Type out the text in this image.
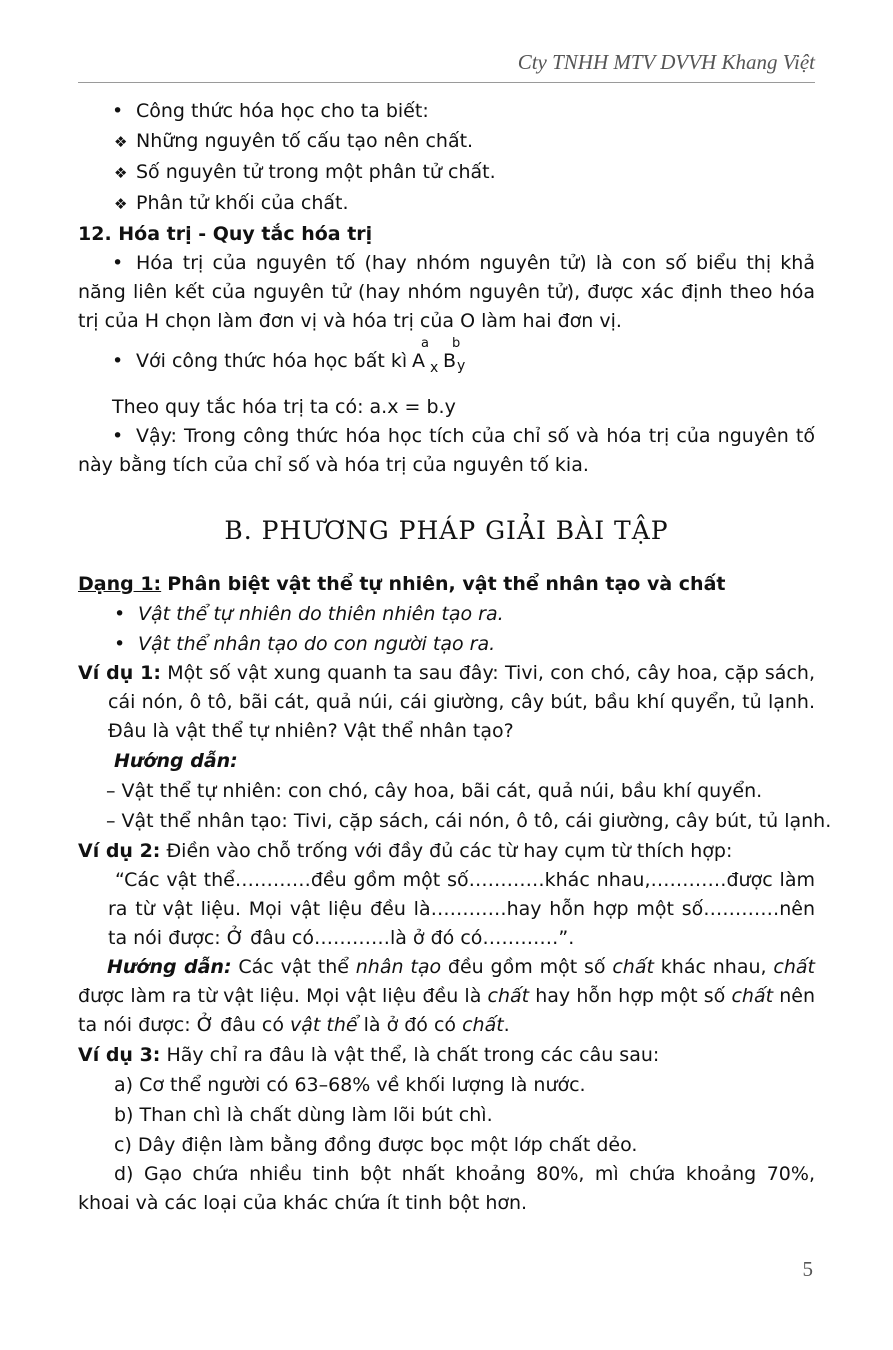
Cty TNHH MTV DVVH Khang Việt
• Công thức hóa học cho ta biết:
❖ Những nguyên tố cấu tạo nên chất.
❖ Số nguyên tử trong một phân tử chất.
❖ Phân tử khối của chất.
12. Hóa trị - Quy tắc hóa trị
• Hóa trị của nguyên tố (hay nhóm nguyên tử) là con số biểu thị khả năng liên kết của nguyên tử (hay nhóm nguyên tử), được xác định theo hóa trị của H chọn làm đơn vị và hóa trị của O làm hai đơn vị.
• Với công thức hóa học bất kì
a
A x
b
B y
Theo quy tắc hóa trị ta có: a.x = b.y
• Vậy: Trong công thức hóa học tích của chỉ số và hóa trị của nguyên tố này bằng tích của chỉ số và hóa trị của nguyên tố kia.
B. PHƯƠNG PHÁP GIẢI BÀI TẬP
Dạng 1: Phân biệt vật thể tự nhiên, vật thể nhân tạo và chất
• Vật thể tự nhiên do thiên nhiên tạo ra.
• Vật thể nhân tạo do con người tạo ra.
Ví dụ 1: Một số vật xung quanh ta sau đây: Tivi, con chó, cây hoa, cặp sách, cái nón, ô tô, bãi cát, quả núi, cái giường, cây bút, bầu khí quyển, tủ lạnh. Đâu là vật thể tự nhiên? Vật thể nhân tạo?
Hướng dẫn:
– Vật thể tự nhiên: con chó, cây hoa, bãi cát, quả núi, bầu khí quyển.
– Vật thể nhân tạo: Tivi, cặp sách, cái nón, ô tô, cái giường, cây bút, tủ lạnh.
Ví dụ 2: Điền vào chỗ trống với đầy đủ các từ hay cụm từ thích hợp:
“Các vật thể…………đều gồm một số…………khác nhau,…………được làm ra từ vật liệu. Mọi vật liệu đều là…………hay hỗn hợp một số…………nên ta nói được: Ở đâu có…………là ở đó có…………”.
Hướng dẫn: Các vật thể nhân tạo đều gồm một số chất khác nhau, chất được làm ra từ vật liệu. Mọi vật liệu đều là chất hay hỗn hợp một số chất nên ta nói được: Ở đâu có vật thể là ở đó có chất.
Ví dụ 3: Hãy chỉ ra đâu là vật thể, là chất trong các câu sau:
a) Cơ thể người có 63–68% về khối lượng là nước.
b) Than chì là chất dùng làm lõi bút chì.
c) Dây điện làm bằng đồng được bọc một lớp chất dẻo.
d) Gạo chứa nhiều tinh bột nhất khoảng 80%, mì chứa khoảng 70%, khoai và các loại của khác chứa ít tinh bột hơn.
5
